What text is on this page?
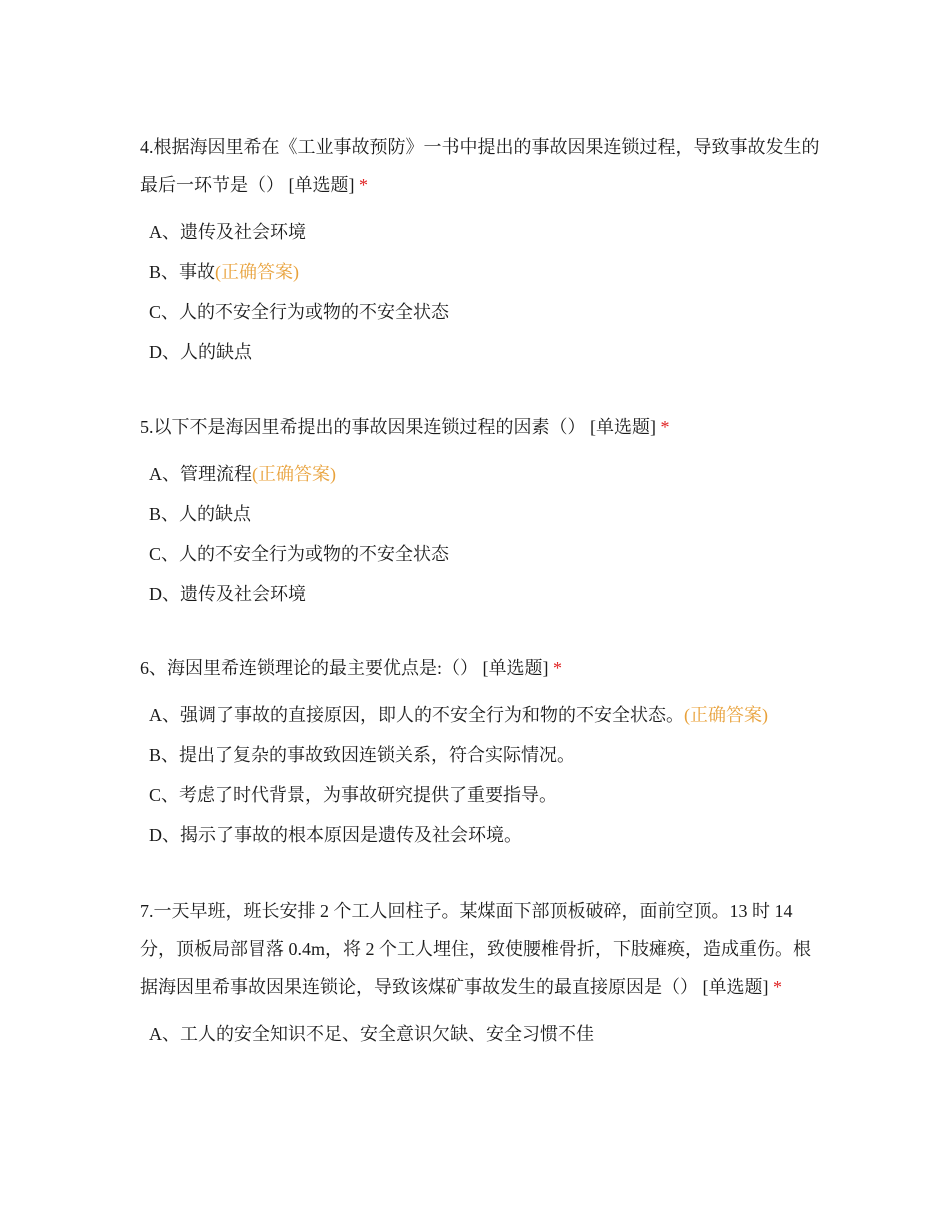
4.根据海因里希在《工业事故预防》一书中提出的事故因果连锁过程，导致事故发生的最后一环节是（） [单选题] *

A、遗传及社会环境
B、事故(正确答案)
C、人的不安全行为或物的不安全状态
D、人的缺点

5.以下不是海因里希提出的事故因果连锁过程的因素（） [单选题] *

A、管理流程(正确答案)
B、人的缺点
C、人的不安全行为或物的不安全状态
D、遗传及社会环境

6、海因里希连锁理论的最主要优点是:（） [单选题] *

A、强调了事故的直接原因，即人的不安全行为和物的不安全状态。(正确答案)
B、提出了复杂的事故致因连锁关系，符合实际情况。
C、考虑了时代背景，为事故研究提供了重要指导。
D、揭示了事故的根本原因是遗传及社会环境。

7.一天早班，班长安排 2 个工人回柱子。某煤面下部顶板破碎，面前空顶。13 时 14 分，顶板局部冒落 0.4m，将 2 个工人埋住，致使腰椎骨折，下肢瘫痪，造成重伤。根据海因里希事故因果连锁论，导致该煤矿事故发生的最直接原因是（） [单选题] *

A、工人的安全知识不足、安全意识欠缺、安全习惯不佳
